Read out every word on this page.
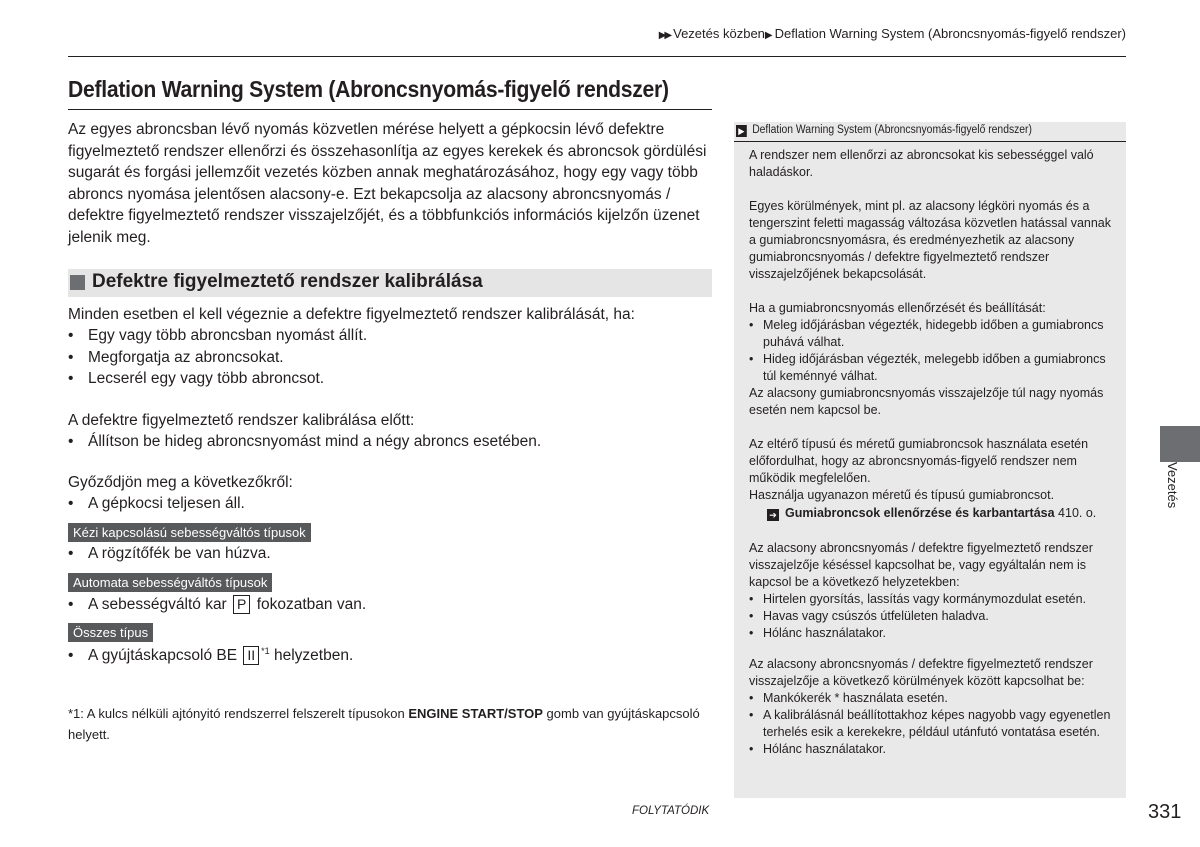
▶▶ Vezetés közben▶ Deflation Warning System (Abroncsnyomás-figyelő rendszer)
Deflation Warning System (Abroncsnyomás-figyelő rendszer)
Az egyes abroncsban lévő nyomás közvetlen mérése helyett a gépkocsin lévő defektre figyelmeztető rendszer ellenőrzi és összehasonlítja az egyes kerekek és abroncsok gördülési sugarát és forgási jellemzőit vezetés közben annak meghatározásához, hogy egy vagy több abroncs nyomása jelentősen alacsony-e. Ezt bekapcsolja az alacsony abroncsnyomás / defektre figyelmeztető rendszer visszajelzőjét, és a többfunkciós információs kijelzőn üzenet jelenik meg.
Defektre figyelmeztető rendszer kalibrálása
Minden esetben el kell végeznie a defektre figyelmeztető rendszer kalibrálását, ha:
• Egy vagy több abroncsban nyomást állít.
• Megforgatja az abroncsokat.
• Lecserél egy vagy több abroncsot.
A defektre figyelmeztető rendszer kalibrálása előtt:
• Állítson be hideg abroncsnyomást mind a négy abroncs esetében.
Győződjön meg a következőkről:
• A gépkocsi teljesen áll.
Kézi kapcsolású sebességváltós típusok
• A rögzítőfék be van húzva.
Automata sebességváltós típusok
• A sebességváltó kar P fokozatban van.
Összes típus
• A gyújtáskapcsoló BE II $^{*1}$ helyzetben.
*1: A kulcs nélküli ajtónyitó rendszerrel felszerelt típusokon ENGINE START/STOP gomb van gyújtáskapcsoló helyett.
▶ Deflation Warning System (Abroncsnyomás-figyelő rendszer)
A rendszer nem ellenőrzi az abroncsokat kis sebességgel való haladáskor.
Egyes körülmények, mint pl. az alacsony légköri nyomás és a tengerszint feletti magasság változása közvetlen hatással vannak a gumiabroncsnyomásra, és eredményezhetik az alacsony gumiabroncsnyomás / defektre figyelmeztető rendszer visszajelzőjének bekapcsolását.
Ha a gumiabroncsnyomás ellenőrzését és beállítását:
• Meleg időjárásban végezték, hidegebb időben a gumiabroncs puhává válhat.
• Hideg időjárásban végezték, melegebb időben a gumiabroncs túl keménnyé válhat.
Az alacsony gumiabroncsnyomás visszajelzője túl nagy nyomás esetén nem kapcsol be.
Az eltérő típusú és méretű gumiabroncsok használata esetén előfordulhat, hogy az abroncsnyomás-figyelő rendszer nem működik megfelelően.
Használja ugyanazon méretű és típusú gumiabroncsot.
➔ Gumiabroncsok ellenőrzése és karbantartása 410. o.
Az alacsony abroncsnyomás / defektre figyelmeztető rendszer visszajelzője késéssel kapcsolhat be, vagy egyáltalán nem is kapcsol be a következő helyzetekben:
• Hirtelen gyorsítás, lassítás vagy kormánymozdulat esetén.
• Havas vagy csúszós útfelületen haladva.
• Hólánc használatakor.
Az alacsony abroncsnyomás / defektre figyelmeztető rendszer visszajelzője a következő körülmények között kapcsolhat be:
• Mankókerék * használata esetén.
• A kalibrálásnál beállítottakhoz képes nagyobb vagy egyenetlen terhelés esik a kerekekre, például utánfutó vontatása esetén.
• Hólánc használatakor.
Vezetés
FOLYTATÓDIK	331
